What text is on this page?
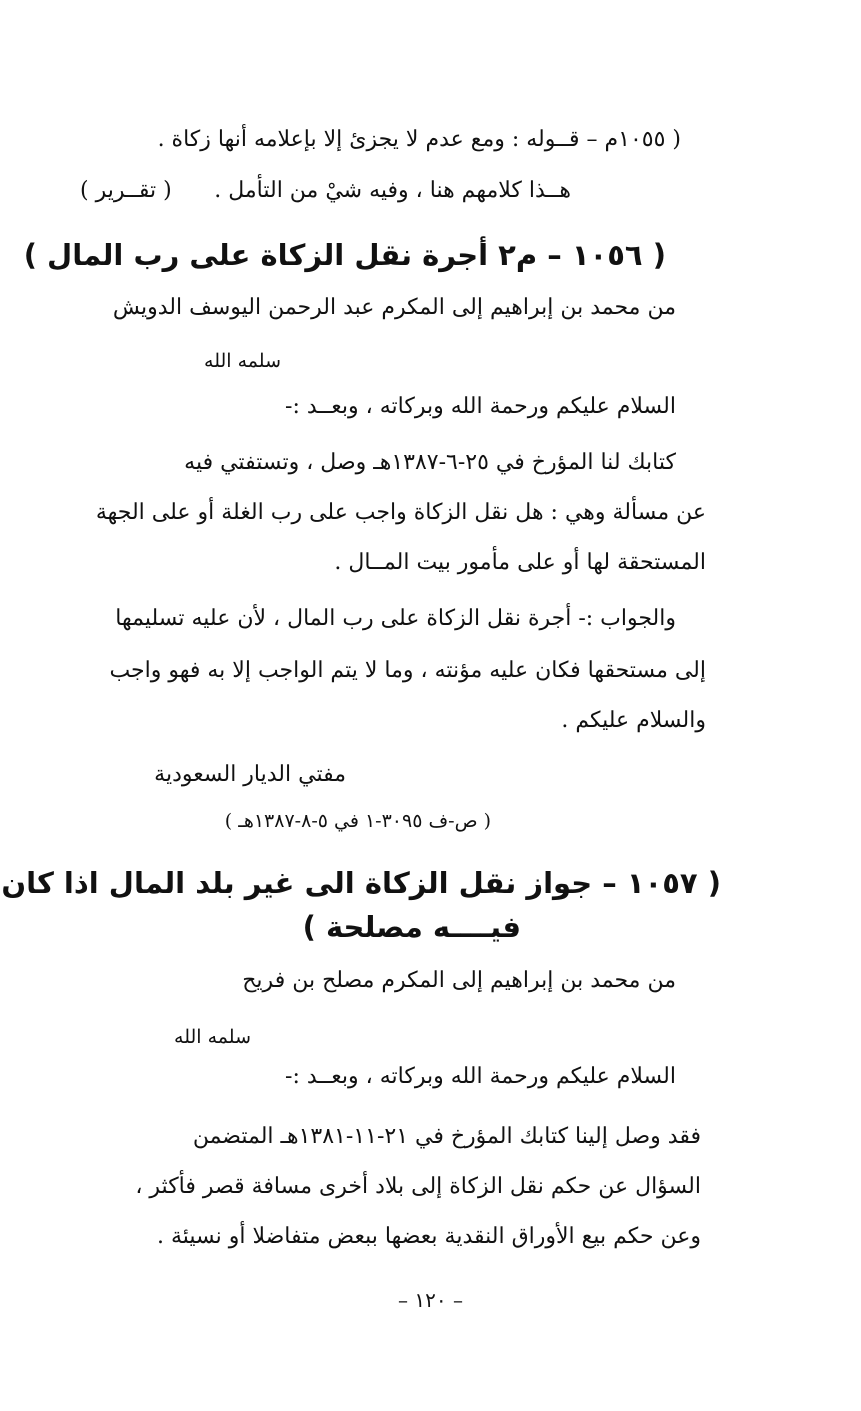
( ١٠٥٥م – قــوله : ومع عدم لا يجزئ إلا بإعلامه أنها زكاة .
هــذا كلامهم هنا ، وفيه شيْ من التأمل .
( تقــرير )
( ١٠٥٦ – م٢ أجرة نقل الزكاة على رب المال )
من محمد بن إبراهيم إلى المكرم عبد الرحمن اليوسف الدويش
سلمه الله
السلام عليكم ورحمة الله وبركاته ، وبعــد :-
كتابك لنا المؤرخ في ٢٥-٦-١٣٨٧هـ وصل ، وتستفتي فيه
عن مسألة وهي : هل نقل الزكاة واجب على رب الغلة أو على الجهة
المستحقة لها أو على مأمور بيت المــال .
والجواب :- أجرة نقل الزكاة على رب المال ، لأن عليه تسليمها
إلى مستحقها فكان عليه مؤنته ، وما لا يتم الواجب إلا به فهو واجب
والسلام عليكم .
مفتي الديار السعودية
( ص-ف ٣٠٩٥-١ في ٥-٨-١٣٨٧هـ )
( ١٠٥٧ – جواز نقل الزكاة الى غير بلد المال اذا كان
فيــــه مصلحة )
من محمد بن إبراهيم إلى المكرم مصلح بن فريح
سلمه الله
السلام عليكم ورحمة الله وبركاته ، وبعــد :-
فقد وصل إلينا كتابك المؤرخ في ٢١-١١-١٣٨١هـ المتضمن
السؤال عن حكم نقل الزكاة إلى بلاد أخرى مسافة قصر فأكثر ،
وعن حكم بيع الأوراق النقدية بعضها ببعض متفاضلا أو نسيئة .
– ١٢٠ –
